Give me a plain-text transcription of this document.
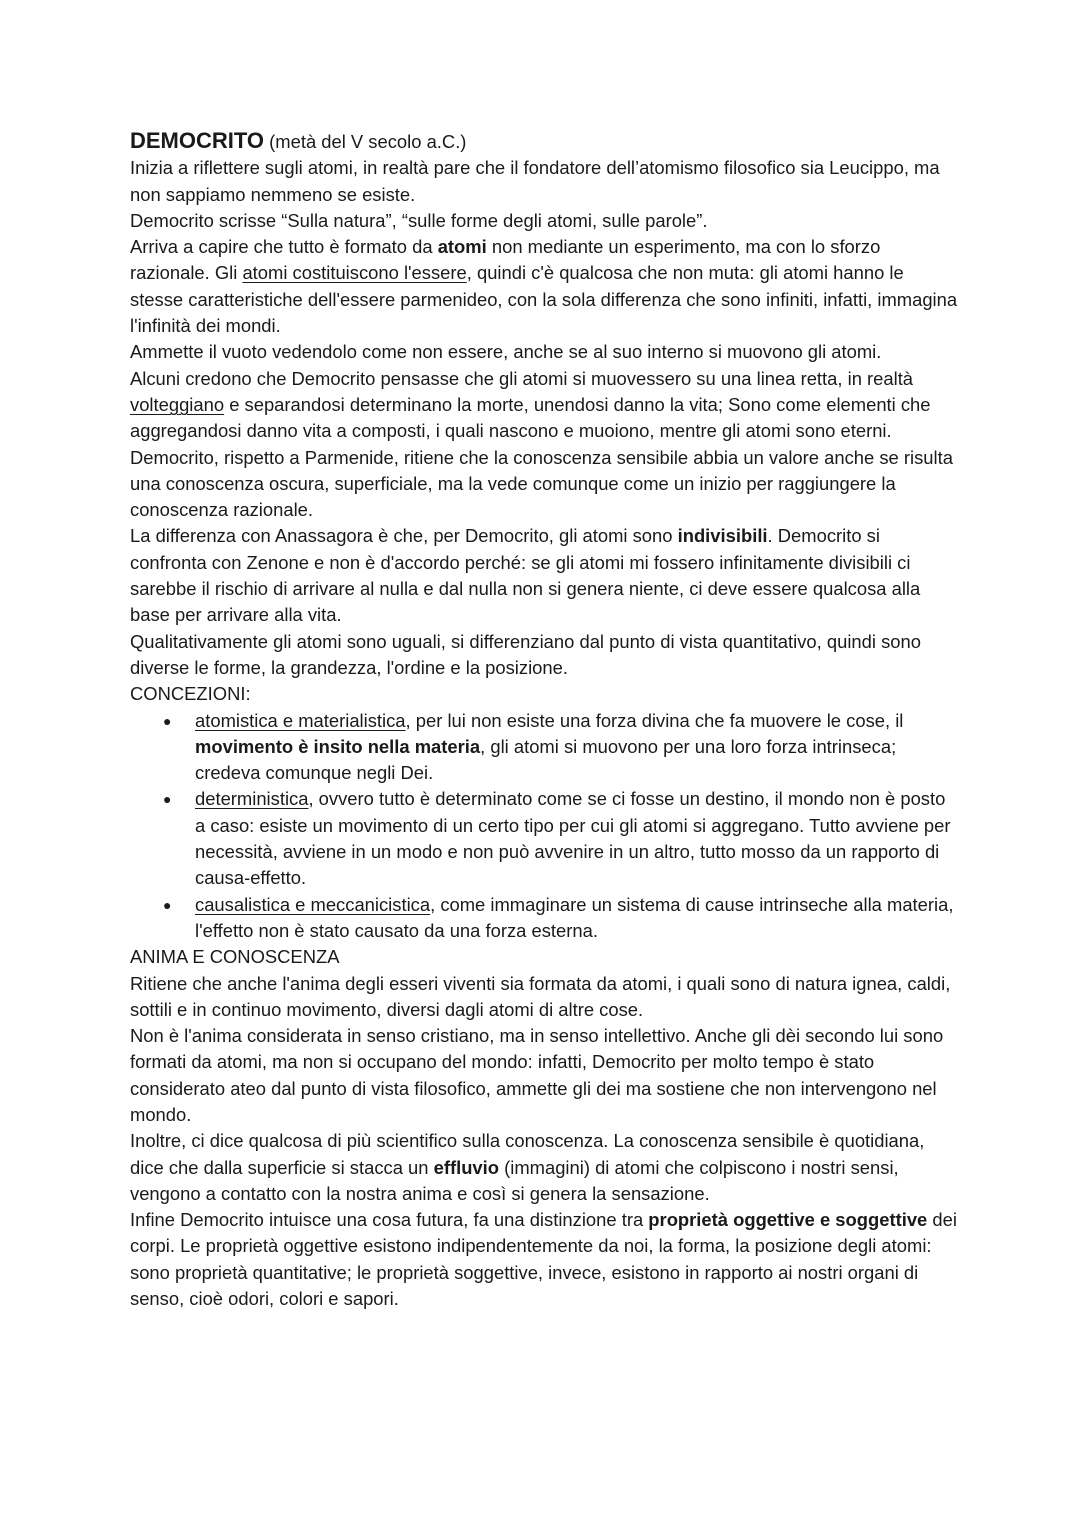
DEMOCRITO (metà del V secolo a.C.)

Inizia a riflettere sugli atomi, in realtà pare che il fondatore dell’atomismo filosofico sia Leucippo, ma non sappiamo nemmeno se esiste.

Democrito scrisse “Sulla natura”, “sulle forme degli atomi, sulle parole”.

Arriva a capire che tutto è formato da atomi non mediante un esperimento, ma con lo sforzo razionale. Gli atomi costituiscono l'essere, quindi c'è qualcosa che non muta: gli atomi hanno le stesse caratteristiche dell'essere parmenideo, con la sola differenza che sono infiniti, infatti, immagina l'infinità dei mondi.

Ammette il vuoto vedendolo come non essere, anche se al suo interno si muovono gli atomi.

Alcuni credono che Democrito pensasse che gli atomi si muovessero su una linea retta, in realtà volteggiano e separandosi determinano la morte, unendosi danno la vita; Sono come elementi che aggregandosi danno vita a composti, i quali nascono e muoiono, mentre gli atomi sono eterni.

Democrito, rispetto a Parmenide, ritiene che la conoscenza sensibile abbia un valore anche se risulta una conoscenza oscura, superficiale, ma la vede comunque come un inizio per raggiungere la conoscenza razionale.

La differenza con Anassagora è che, per Democrito, gli atomi sono indivisibili. Democrito si confronta con Zenone e non è d'accordo perché: se gli atomi mi fossero infinitamente divisibili ci sarebbe il rischio di arrivare al nulla e dal nulla non si genera niente, ci deve essere qualcosa alla base per arrivare alla vita.

Qualitativamente gli atomi sono uguali, si differenziano dal punto di vista quantitativo, quindi sono diverse le forme, la grandezza, l'ordine e la posizione.

CONCEZIONI:

● atomistica e materialistica, per lui non esiste una forza divina che fa muovere le cose, il movimento è insito nella materia, gli atomi si muovono per una loro forza intrinseca; credeva comunque negli Dei.
● deterministica, ovvero tutto è determinato come se ci fosse un destino, il mondo non è posto a caso: esiste un movimento di un certo tipo per cui gli atomi si aggregano. Tutto avviene per necessità, avviene in un modo e non può avvenire in un altro, tutto mosso da un rapporto di causa-effetto.
● causalistica e meccanicistica, come immaginare un sistema di cause intrinseche alla materia, l'effetto non è stato causato da una forza esterna.

ANIMA E CONOSCENZA

Ritiene che anche l'anima degli esseri viventi sia formata da atomi, i quali sono di natura ignea, caldi, sottili e in continuo movimento, diversi dagli atomi di altre cose.

Non è l'anima considerata in senso cristiano, ma in senso intellettivo. Anche gli dèi secondo lui sono formati da atomi, ma non si occupano del mondo: infatti, Democrito per molto tempo è stato considerato ateo dal punto di vista filosofico, ammette gli dei ma sostiene che non intervengono nel mondo.

Inoltre, ci dice qualcosa di più scientifico sulla conoscenza. La conoscenza sensibile è quotidiana, dice che dalla superficie si stacca un effluvio (immagini) di atomi che colpiscono i nostri sensi, vengono a contatto con la nostra anima e così si genera la sensazione.

Infine Democrito intuisce una cosa futura, fa una distinzione tra proprietà oggettive e soggettive dei corpi. Le proprietà oggettive esistono indipendentemente da noi, la forma, la posizione degli atomi: sono proprietà quantitative; le proprietà soggettive, invece, esistono in rapporto ai nostri organi di senso, cioè odori, colori e sapori.
